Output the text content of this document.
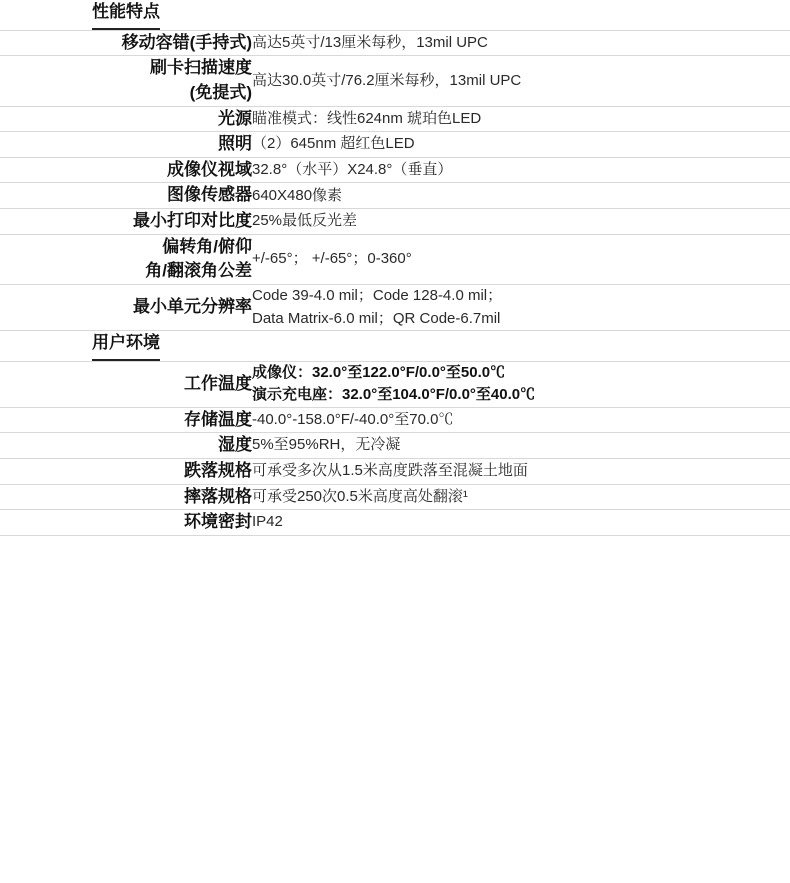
性能特点	

移动容错(手持式)	高达5英寸/13厘米每秒，13mil UPC

刷卡扫描速度
(免提式)	高达30.0英寸/76.2厘米每秒，13mil UPC

光源	瞄准模式：线性624nm 琥珀色LED

照明	（2）645nm 超红色LED

成像仪视域	32.8°（水平）X24.8°（垂直）

图像传感器	640X480像素

最小打印对比度	25%最低反光差

偏转角/俯仰
角/翻滚角公差	+/-65°； +/-65°；0-360°

最小单元分辨率	Code 39-4.0 mil；Code 128-4.0 mil；
Data Matrix-6.0 mil；QR Code-6.7mil

用户环境	

工作温度	成像仪：32.0°至122.0°F/0.0°至50.0℃
演示充电座：32.0°至104.0°F/0.0°至40.0℃

存储温度	-40.0°-158.0°F/-40.0°至70.0℃

湿度	5%至95%RH，无冷凝

跌落规格	可承受多次从1.5米高度跌落至混凝土地面

摔落规格	可承受250次0.5米高度高处翻滚¹

环境密封	IP42
